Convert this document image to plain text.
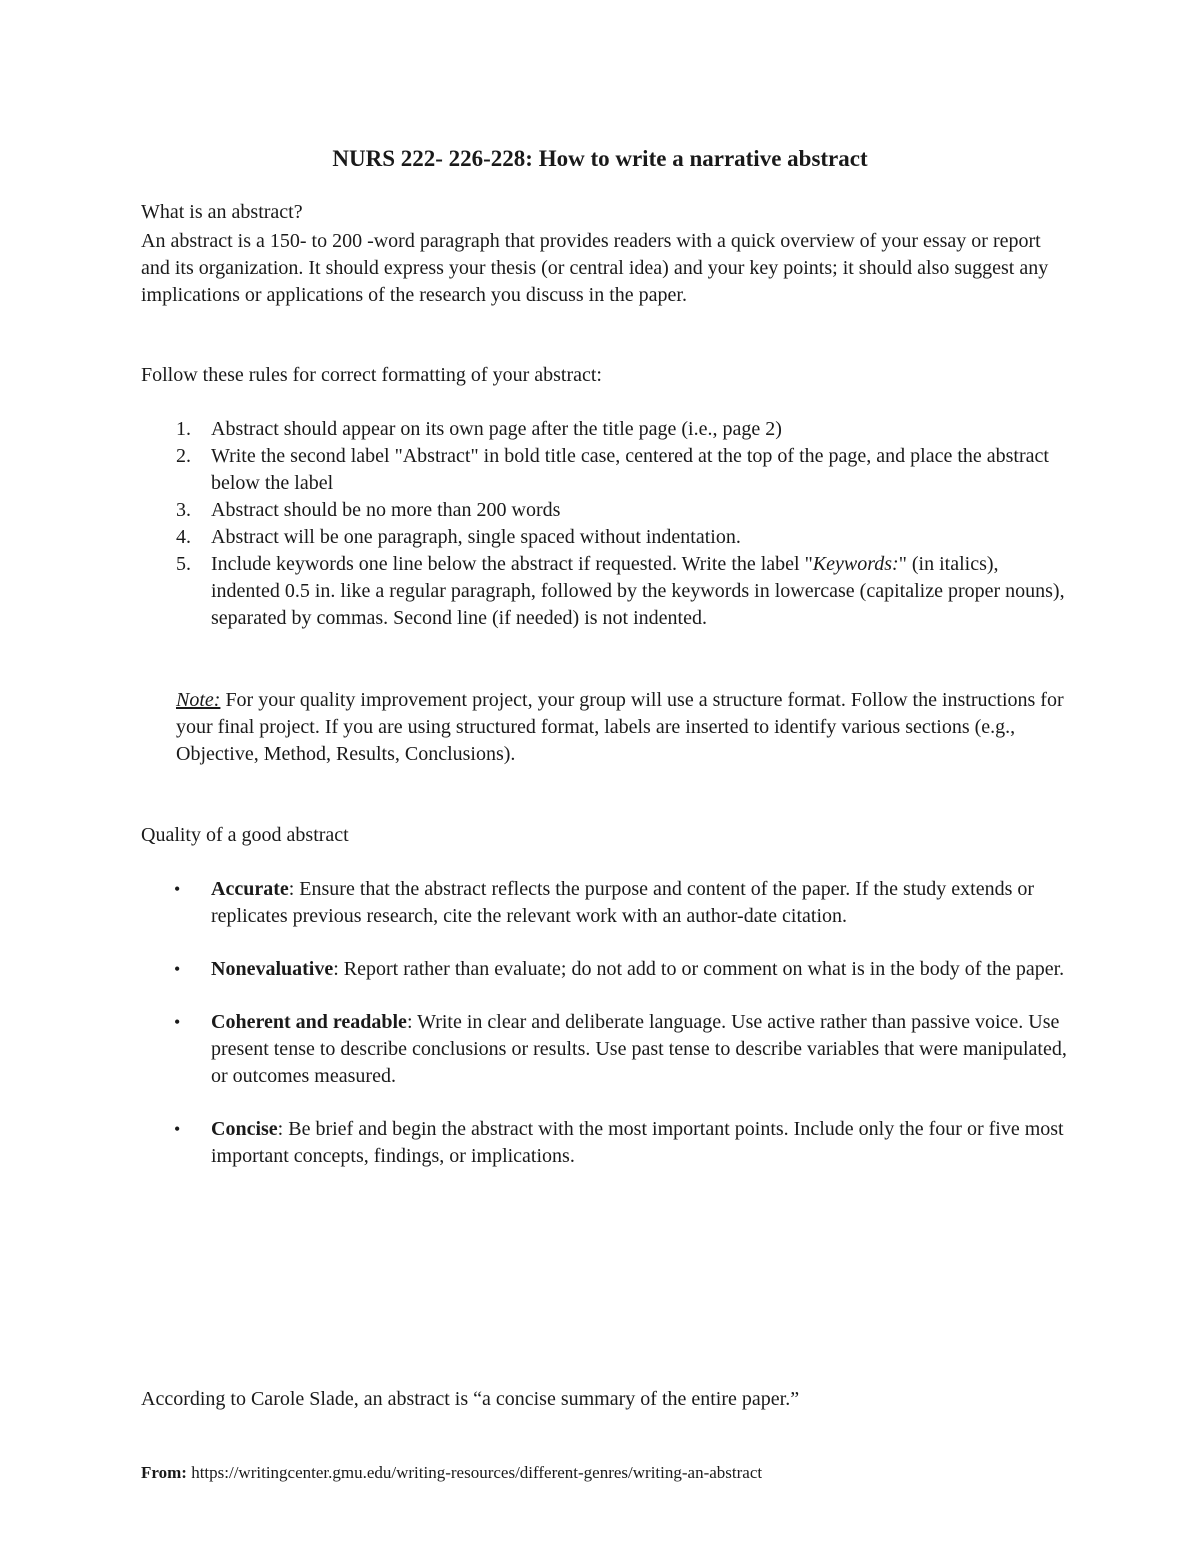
NURS 222- 226-228: How to write a narrative abstract

What is an abstract?

An abstract is a 150- to 200 -word paragraph that provides readers with a quick overview of your essay or report and its organization. It should express your thesis (or central idea) and your key points; it should also suggest any implications or applications of the research you discuss in the paper.

Follow these rules for correct formatting of your abstract:

1. Abstract should appear on its own page after the title page (i.e., page 2)
2. Write the second label "Abstract" in bold title case, centered at the top of the page, and place the abstract below the label
3. Abstract should be no more than 200 words
4. Abstract will be one paragraph, single spaced without indentation.
5. Include keywords one line below the abstract if requested. Write the label "Keywords:" (in italics), indented 0.5 in. like a regular paragraph, followed by the keywords in lowercase (capitalize proper nouns), separated by commas. Second line (if needed) is not indented.

Note: For your quality improvement project, your group will use a structure format. Follow the instructions for your final project. If you are using structured format, labels are inserted to identify various sections (e.g., Objective, Method, Results, Conclusions).

Quality of a good abstract

• Accurate: Ensure that the abstract reflects the purpose and content of the paper. If the study extends or replicates previous research, cite the relevant work with an author-date citation.
• Nonevaluative: Report rather than evaluate; do not add to or comment on what is in the body of the paper.
• Coherent and readable: Write in clear and deliberate language. Use active rather than passive voice. Use present tense to describe conclusions or results. Use past tense to describe variables that were manipulated, or outcomes measured.
• Concise: Be brief and begin the abstract with the most important points. Include only the four or five most important concepts, findings, or implications.

According to Carole Slade, an abstract is “a concise summary of the entire paper.”

From: https://writingcenter.gmu.edu/writing-resources/different-genres/writing-an-abstract
